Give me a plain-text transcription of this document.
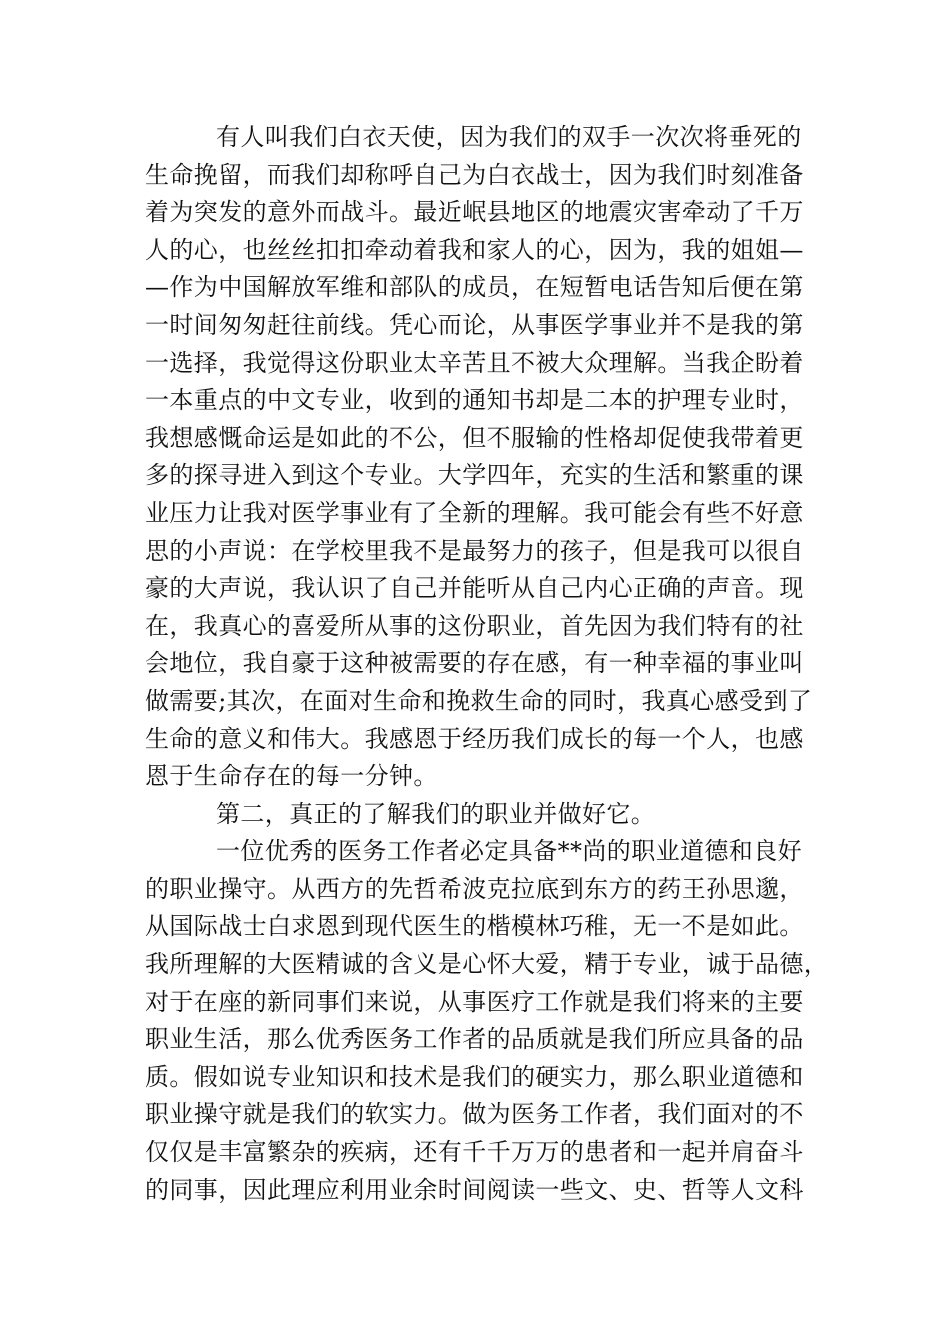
有人叫我们白衣天使，因为我们的双手一次次将垂死的
生命挽留，而我们却称呼自己为白衣战士，因为我们时刻准备
着为突发的意外而战斗。最近岷县地区的地震灾害牵动了千万
人的心，也丝丝扣扣牵动着我和家人的心，因为，我的姐姐—
—作为中国解放军维和部队的成员，在短暂电话告知后便在第
一时间匆匆赶往前线。凭心而论，从事医学事业并不是我的第
一选择，我觉得这份职业太辛苦且不被大众理解。当我企盼着
一本重点的中文专业，收到的通知书却是二本的护理专业时，
我想感慨命运是如此的不公，但不服输的性格却促使我带着更
多的探寻进入到这个专业。大学四年，充实的生活和繁重的课
业压力让我对医学事业有了全新的理解。我可能会有些不好意
思的小声说：在学校里我不是最努力的孩子，但是我可以很自
豪的大声说，我认识了自己并能听从自己内心正确的声音。现
在，我真心的喜爱所从事的这份职业，首先因为我们特有的社
会地位，我自豪于这种被需要的存在感，有一种幸福的事业叫
做需要;其次，在面对生命和挽救生命的同时，我真心感受到了
生命的意义和伟大。我感恩于经历我们成长的每一个人，也感
恩于生命存在的每一分钟。
第二，真正的了解我们的职业并做好它。
一位优秀的医务工作者必定具备**尚的职业道德和良好
的职业操守。从西方的先哲希波克拉底到东方的药王孙思邈，
从国际战士白求恩到现代医生的楷模林巧稚，无一不是如此。
我所理解的大医精诚的含义是心怀大爱，精于专业，诚于品德，
对于在座的新同事们来说，从事医疗工作就是我们将来的主要
职业生活，那么优秀医务工作者的品质就是我们所应具备的品
质。假如说专业知识和技术是我们的硬实力，那么职业道德和
职业操守就是我们的软实力。做为医务工作者，我们面对的不
仅仅是丰富繁杂的疾病，还有千千万万的患者和一起并肩奋斗
的同事，因此理应利用业余时间阅读一些文、史、哲等人文科
